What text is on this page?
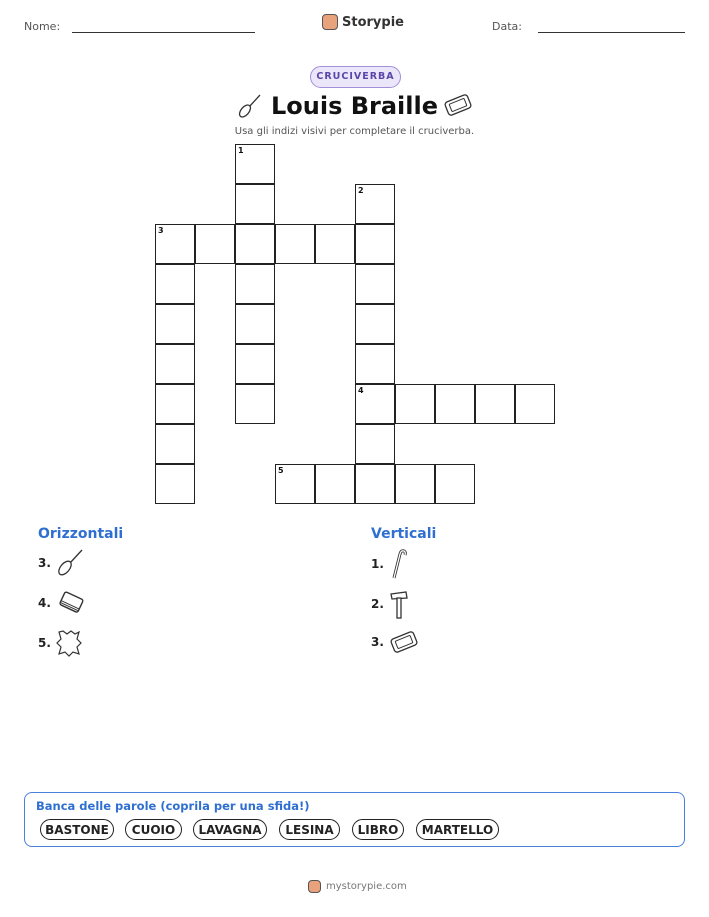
Nome:	Storypie	Data:
CRUCIVERBA
Louis Braille
Usa gli indizi visivi per completare il cruciverba.
3
1
2
4
5
Orizzontali
3.
4.
5.
Verticali
1.
2.
3.
Banca delle parole (coprila per una sfida!)
BASTONE	CUOIO	LAVAGNA	LESINA	LIBRO	MARTELLO
mystorypie.com
